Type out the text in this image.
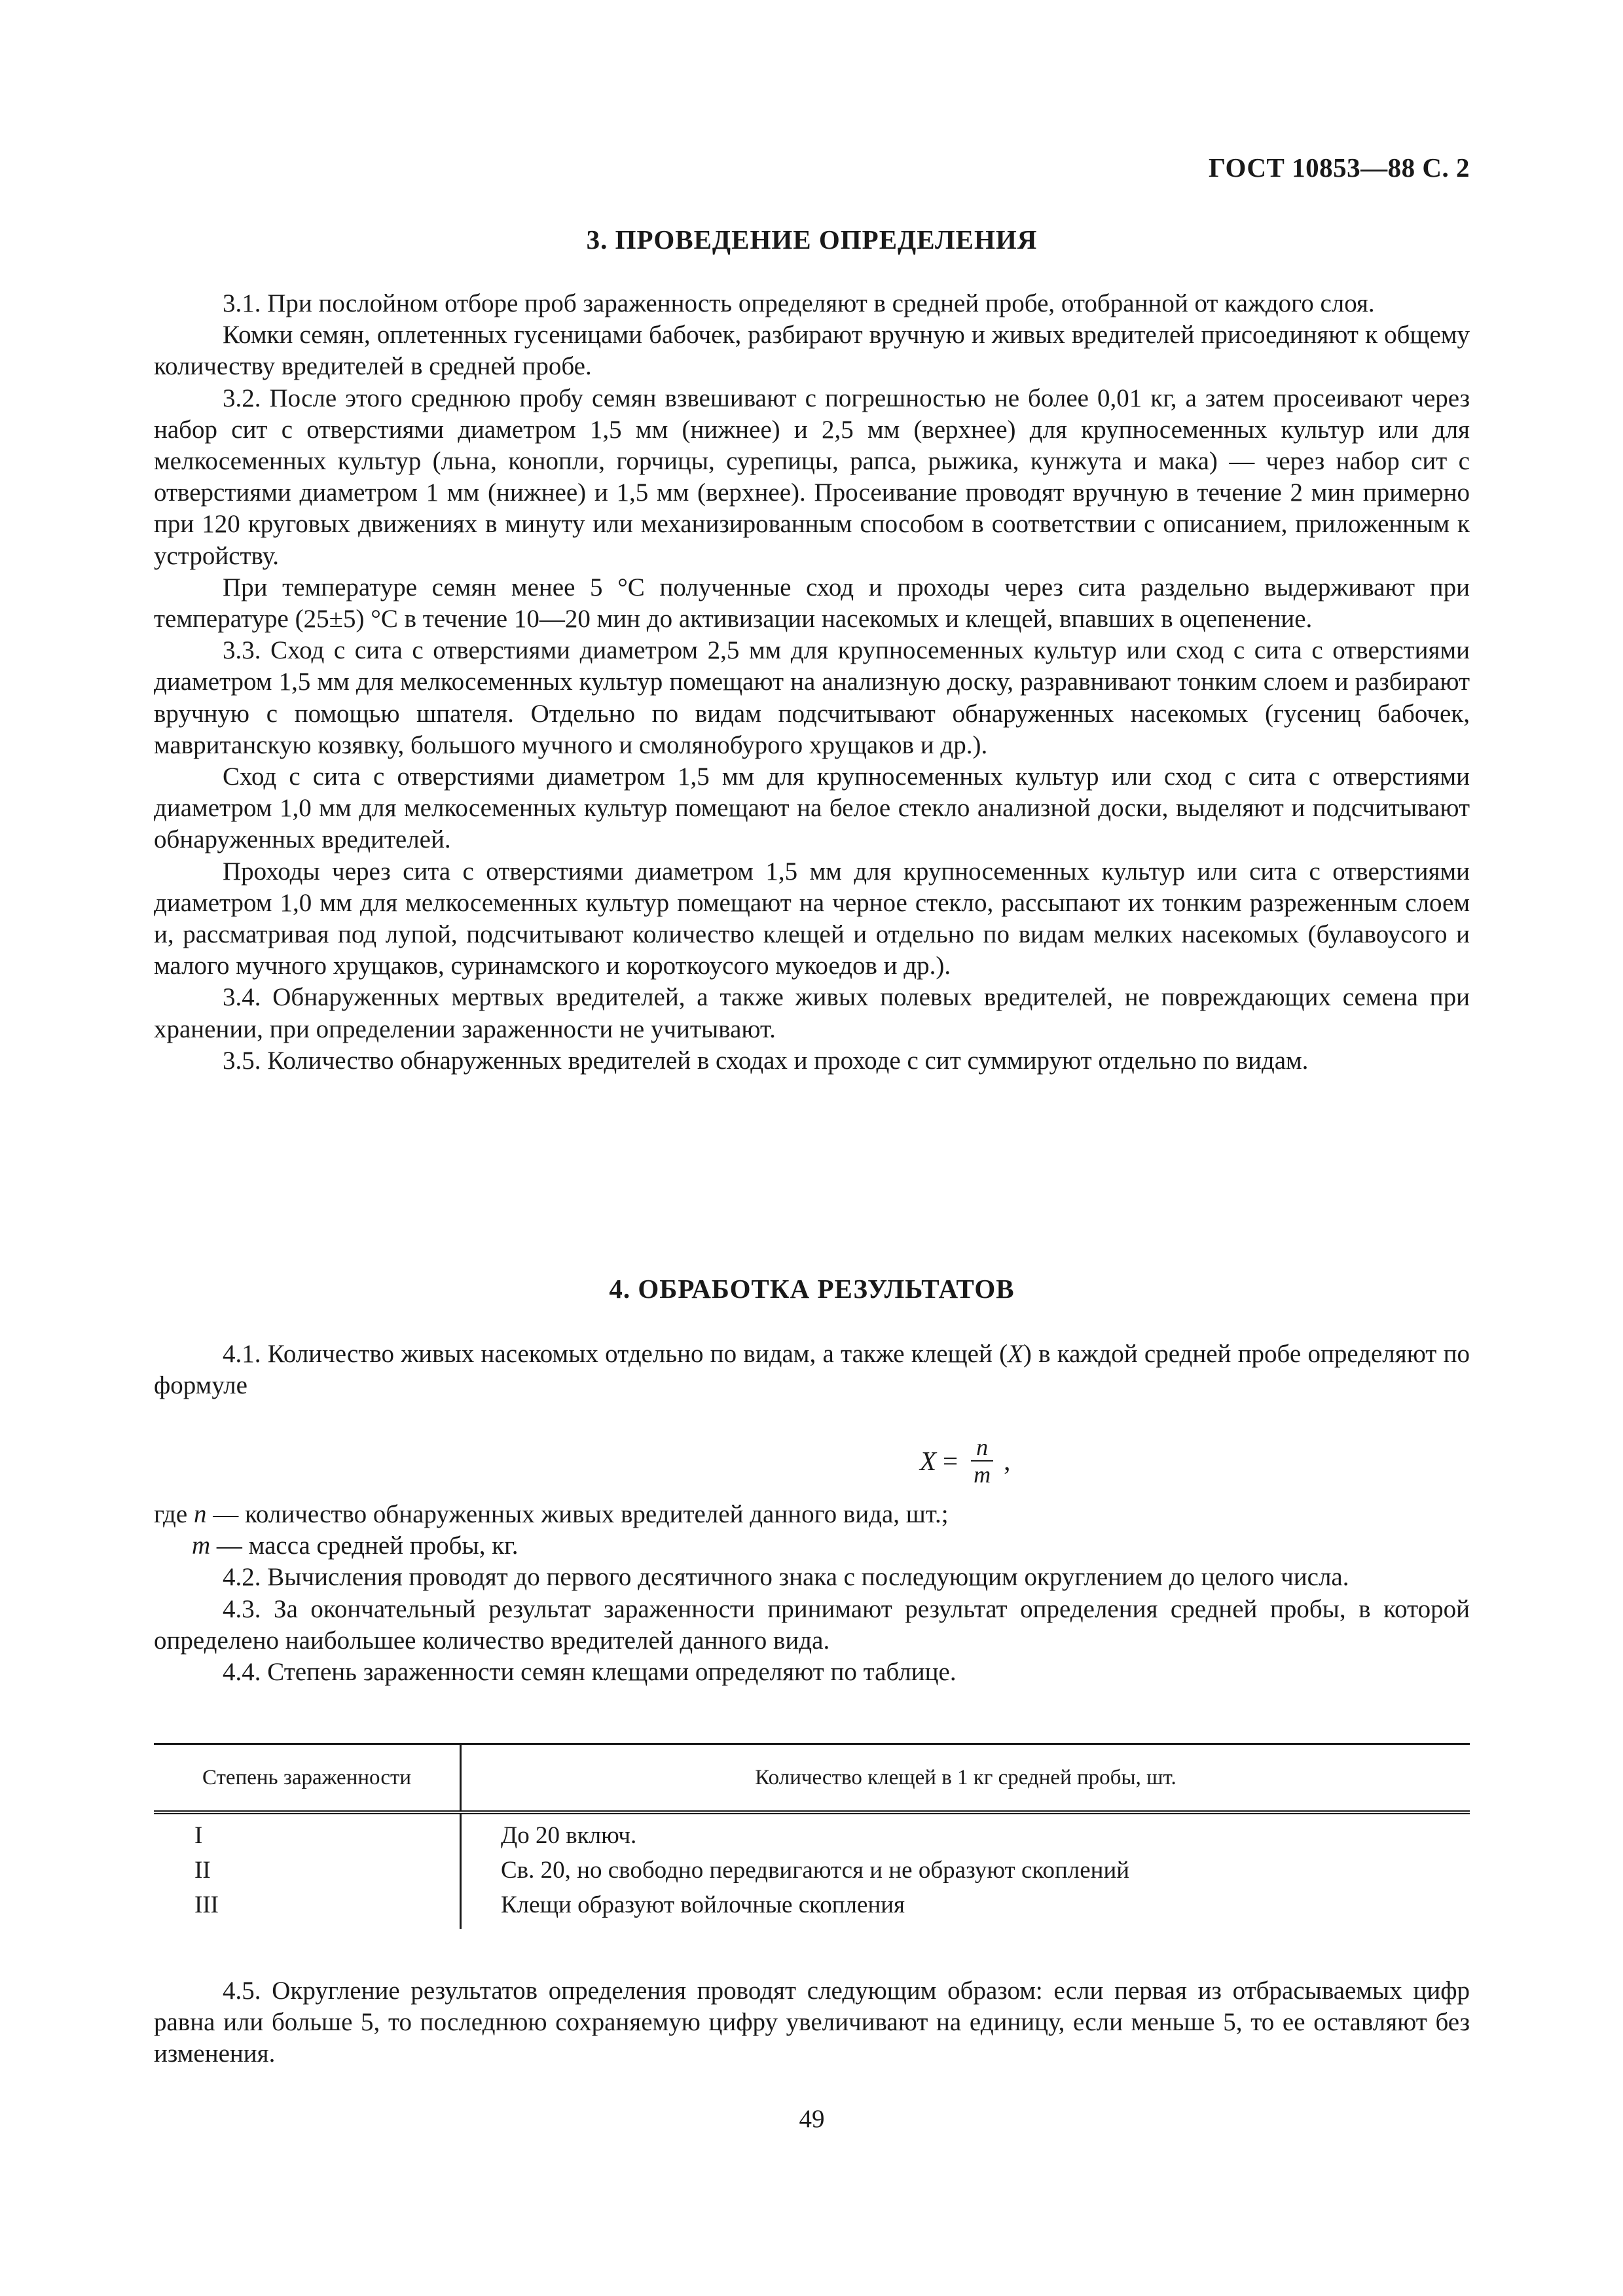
ГОСТ 10853—88 С. 2
3. ПРОВЕДЕНИЕ ОПРЕДЕЛЕНИЯ

3.1. При послойном отборе проб зараженность определяют в средней пробе, отобранной от каждого слоя.

Комки семян, оплетенных гусеницами бабочек, разбирают вручную и живых вредителей присоединяют к общему количеству вредителей в средней пробе.

3.2. После этого среднюю пробу семян взвешивают с погрешностью не более 0,01 кг, а затем просеивают через набор сит с отверстиями диаметром 1,5 мм (нижнее) и 2,5 мм (верхнее) для крупносеменных культур или для мелкосеменных культур (льна, конопли, горчицы, сурепицы, рапса, рыжика, кунжута и мака) — через набор сит с отверстиями диаметром 1 мм (нижнее) и 1,5 мм (верхнее). Просеивание проводят вручную в течение 2 мин примерно при 120 круговых движениях в минуту или механизированным способом в соответствии с описанием, приложенным к устройству.

При температуре семян менее 5 °С полученные сход и проходы через сита раздельно выдерживают при температуре (25±5) °С в течение 10—20 мин до активизации насекомых и клещей, впавших в оцепенение.

3.3. Сход с сита с отверстиями диаметром 2,5 мм для крупносеменных культур или сход с сита с отверстиями диаметром 1,5 мм для мелкосеменных культур помещают на анализную доску, разравнивают тонким слоем и разбирают вручную с помощью шпателя. Отдельно по видам подсчитывают обнаруженных насекомых (гусениц бабочек, мавританскую козявку, большого мучного и смолянобурого хрущаков и др.).

Сход с сита с отверстиями диаметром 1,5 мм для крупносеменных культур или сход с сита с отверстиями диаметром 1,0 мм для мелкосеменных культур помещают на белое стекло анализной доски, выделяют и подсчитывают обнаруженных вредителей.

Проходы через сита с отверстиями диаметром 1,5 мм для крупносеменных культур или сита с отверстиями диаметром 1,0 мм для мелкосеменных культур помещают на черное стекло, рассыпают их тонким разреженным слоем и, рассматривая под лупой, подсчитывают количество клещей и отдельно по видам мелких насекомых (булавоусого и малого мучного хрущаков, суринамского и короткоусого мукоедов и др.).

3.4. Обнаруженных мертвых вредителей, а также живых полевых вредителей, не повреждающих семена при хранении, при определении зараженности не учитывают.

3.5. Количество обнаруженных вредителей в сходах и проходе с сит суммируют отдельно по видам.

4. ОБРАБОТКА РЕЗУЛЬТАТОВ

4.1. Количество живых насекомых отдельно по видам, а также клещей (X) в каждой средней пробе определяют по формуле

$X = \frac{n}{m}$ ,

где n — количество обнаруженных живых вредителей данного вида, шт.;

m — масса средней пробы, кг.

4.2. Вычисления проводят до первого десятичного знака с последующим округлением до целого числа.

4.3. За окончательный результат зараженности принимают результат определения средней пробы, в которой определено наибольшее количество вредителей данного вида.

4.4. Степень зараженности семян клещами определяют по таблице.

Степень зараженности	Количество клещей в 1 кг средней пробы, шт.
I
II
III
До 20 включ.
Св. 20, но свободно передвигаются и не образуют скоплений
Клещи образуют войлочные скопления

4.5. Округление результатов определения проводят следующим образом: если первая из отбрасываемых цифр равна или больше 5, то последнюю сохраняемую цифру увеличивают на единицу, если меньше 5, то ее оставляют без изменения.

49
